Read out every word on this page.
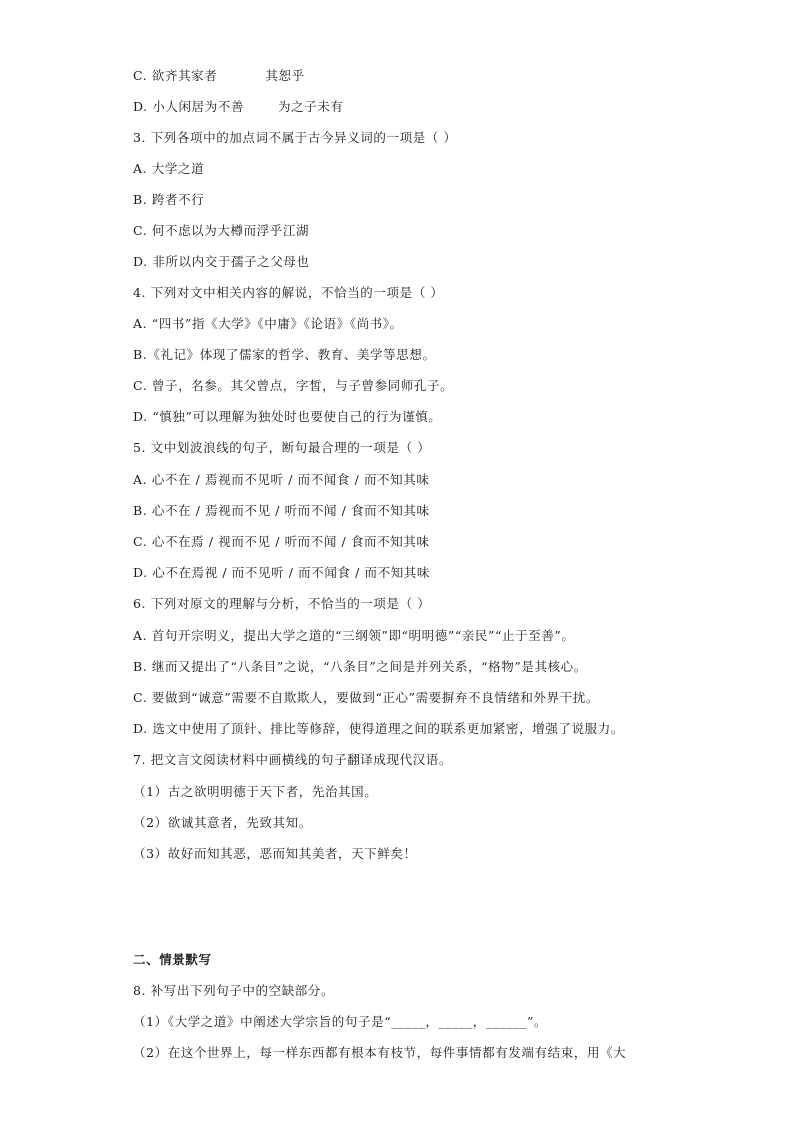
C. 欲齐其家者	其恕乎
D. 小人闲居为不善	为之子未有
3. 下列各项中的加点词不属于古今异义词的一项是（ ）
A. 大学之道
B. 跨者不行
C. 何不虑以为大樽而浮乎江湖
D. 非所以内交于孺子之父母也
4. 下列对文中相关内容的解说，不恰当的一项是（ ）
A. “四书”指《大学》《中庸》《论语》《尚书》。
B.《礼记》体现了儒家的哲学、教育、美学等思想。
C. 曾子，名参。其父曾点，字皙，与子曾参同师孔子。
D. “慎独”可以理解为独处时也要使自己的行为谨慎。
5. 文中划波浪线的句子，断句最合理的一项是（ ）
A. 心不在 / 焉视而不见听 / 而不闻食 / 而不知其味
B. 心不在 / 焉视而不见 / 听而不闻 / 食而不知其味
C. 心不在焉 / 视而不见 / 听而不闻 / 食而不知其味
D. 心不在焉视 / 而不见听 / 而不闻食 / 而不知其味
6. 下列对原文的理解与分析，不恰当的一项是（ ）
A. 首句开宗明义，提出大学之道的“三纲领”即“明明德”“亲民”“止于至善”。
B. 继而又提出了“八条目”之说，“八条目”之间是并列关系，“格物”是其核心。
C. 要做到“诚意”需要不自欺欺人，要做到“正心”需要摒弃不良情绪和外界干扰。
D. 选文中使用了顶针、排比等修辞，使得道理之间的联系更加紧密，增强了说服力。
7. 把文言文阅读材料中画横线的句子翻译成现代汉语。
（1）古之欲明明德于天下者，先治其国。
（2）欲诚其意者，先致其知。
（3）故好而知其恶，恶而知其美者，天下鲜矣！
二、情景默写
8. 补写出下列句子中的空缺部分。
（1）《大学之道》中阐述大学宗旨的句子是“_____，_____，______”。
（2）在这个世界上，每一样东西都有根本有枝节，每件事情都有发端有结束，用《大
